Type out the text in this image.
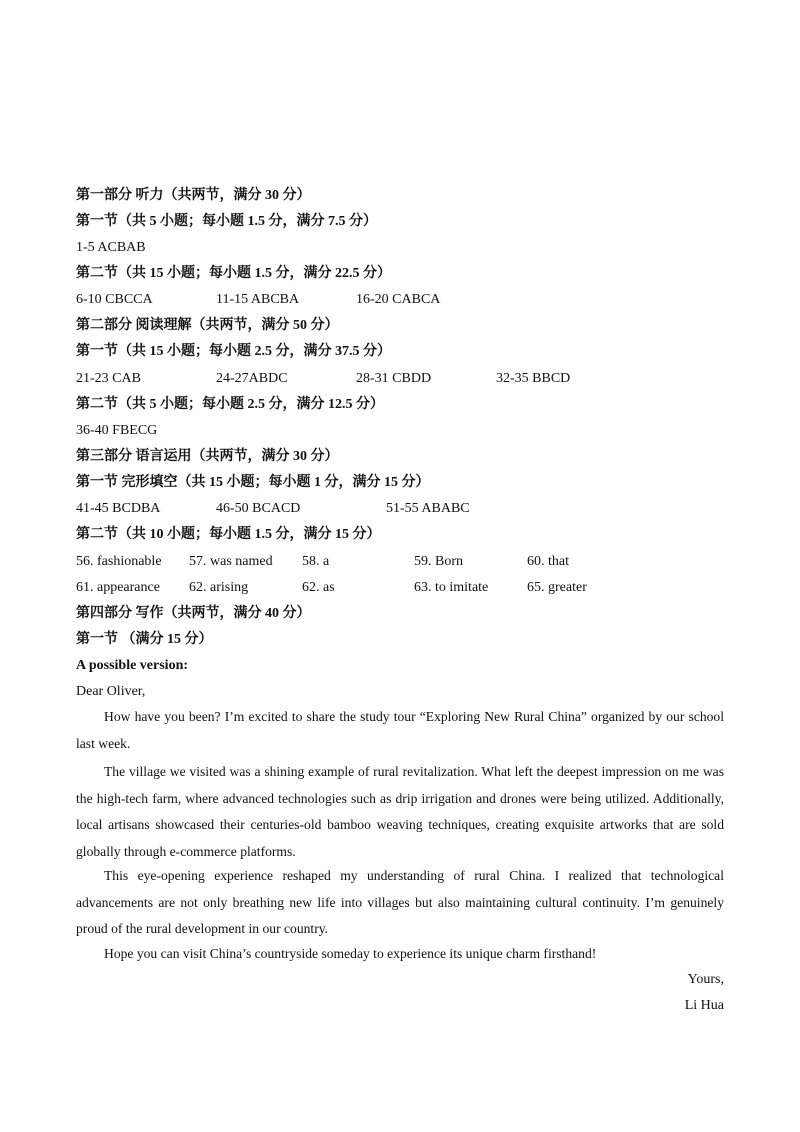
第一部分 听力（共两节，满分 30 分）
第一节（共 5 小题；每小题 1.5 分，满分 7.5 分）
1-5 ACBAB
第二节（共 15 小题；每小题 1.5 分，满分 22.5 分）
6-10 CBCCA	11-15 ABCBA	16-20 CABCA
第二部分 阅读理解（共两节，满分 50 分）
第一节（共 15 小题；每小题 2.5 分，满分 37.5 分）
21-23 CAB	24-27ABDC	28-31 CBDD	32-35 BBCD
第二节（共 5 小题；每小题 2.5 分，满分 12.5 分）
36-40 FBECG
第三部分 语言运用（共两节，满分 30 分）
第一节 完形填空（共 15 小题；每小题 1 分，满分 15 分）
41-45 BCDBA	46-50 BCACD	51-55 ABABC
第二节（共 10 小题；每小题 1.5 分，满分 15 分）
56. fashionable 57. was named 58. a	59. Born	60. that
61. appearance 62. arising	62. as	63. to imitate	65. greater
第四部分 写作（共两节，满分 40 分）
第一节 （满分 15 分）
A possible version:
Dear Oliver,
How have you been? I’m excited to share the study tour “Exploring New Rural China” organized by our school last week.
The village we visited was a shining example of rural revitalization. What left the deepest impression on me was the high-tech farm, where advanced technologies such as drip irrigation and drones were being utilized. Additionally, local artisans showcased their centuries-old bamboo weaving techniques, creating exquisite artworks that are sold globally through e-commerce platforms.
This eye-opening experience reshaped my understanding of rural China. I realized that technological advancements are not only breathing new life into villages but also maintaining cultural continuity. I’m genuinely proud of the rural development in our country.
Hope you can visit China’s countryside someday to experience its unique charm firsthand!
Yours,
Li Hua
